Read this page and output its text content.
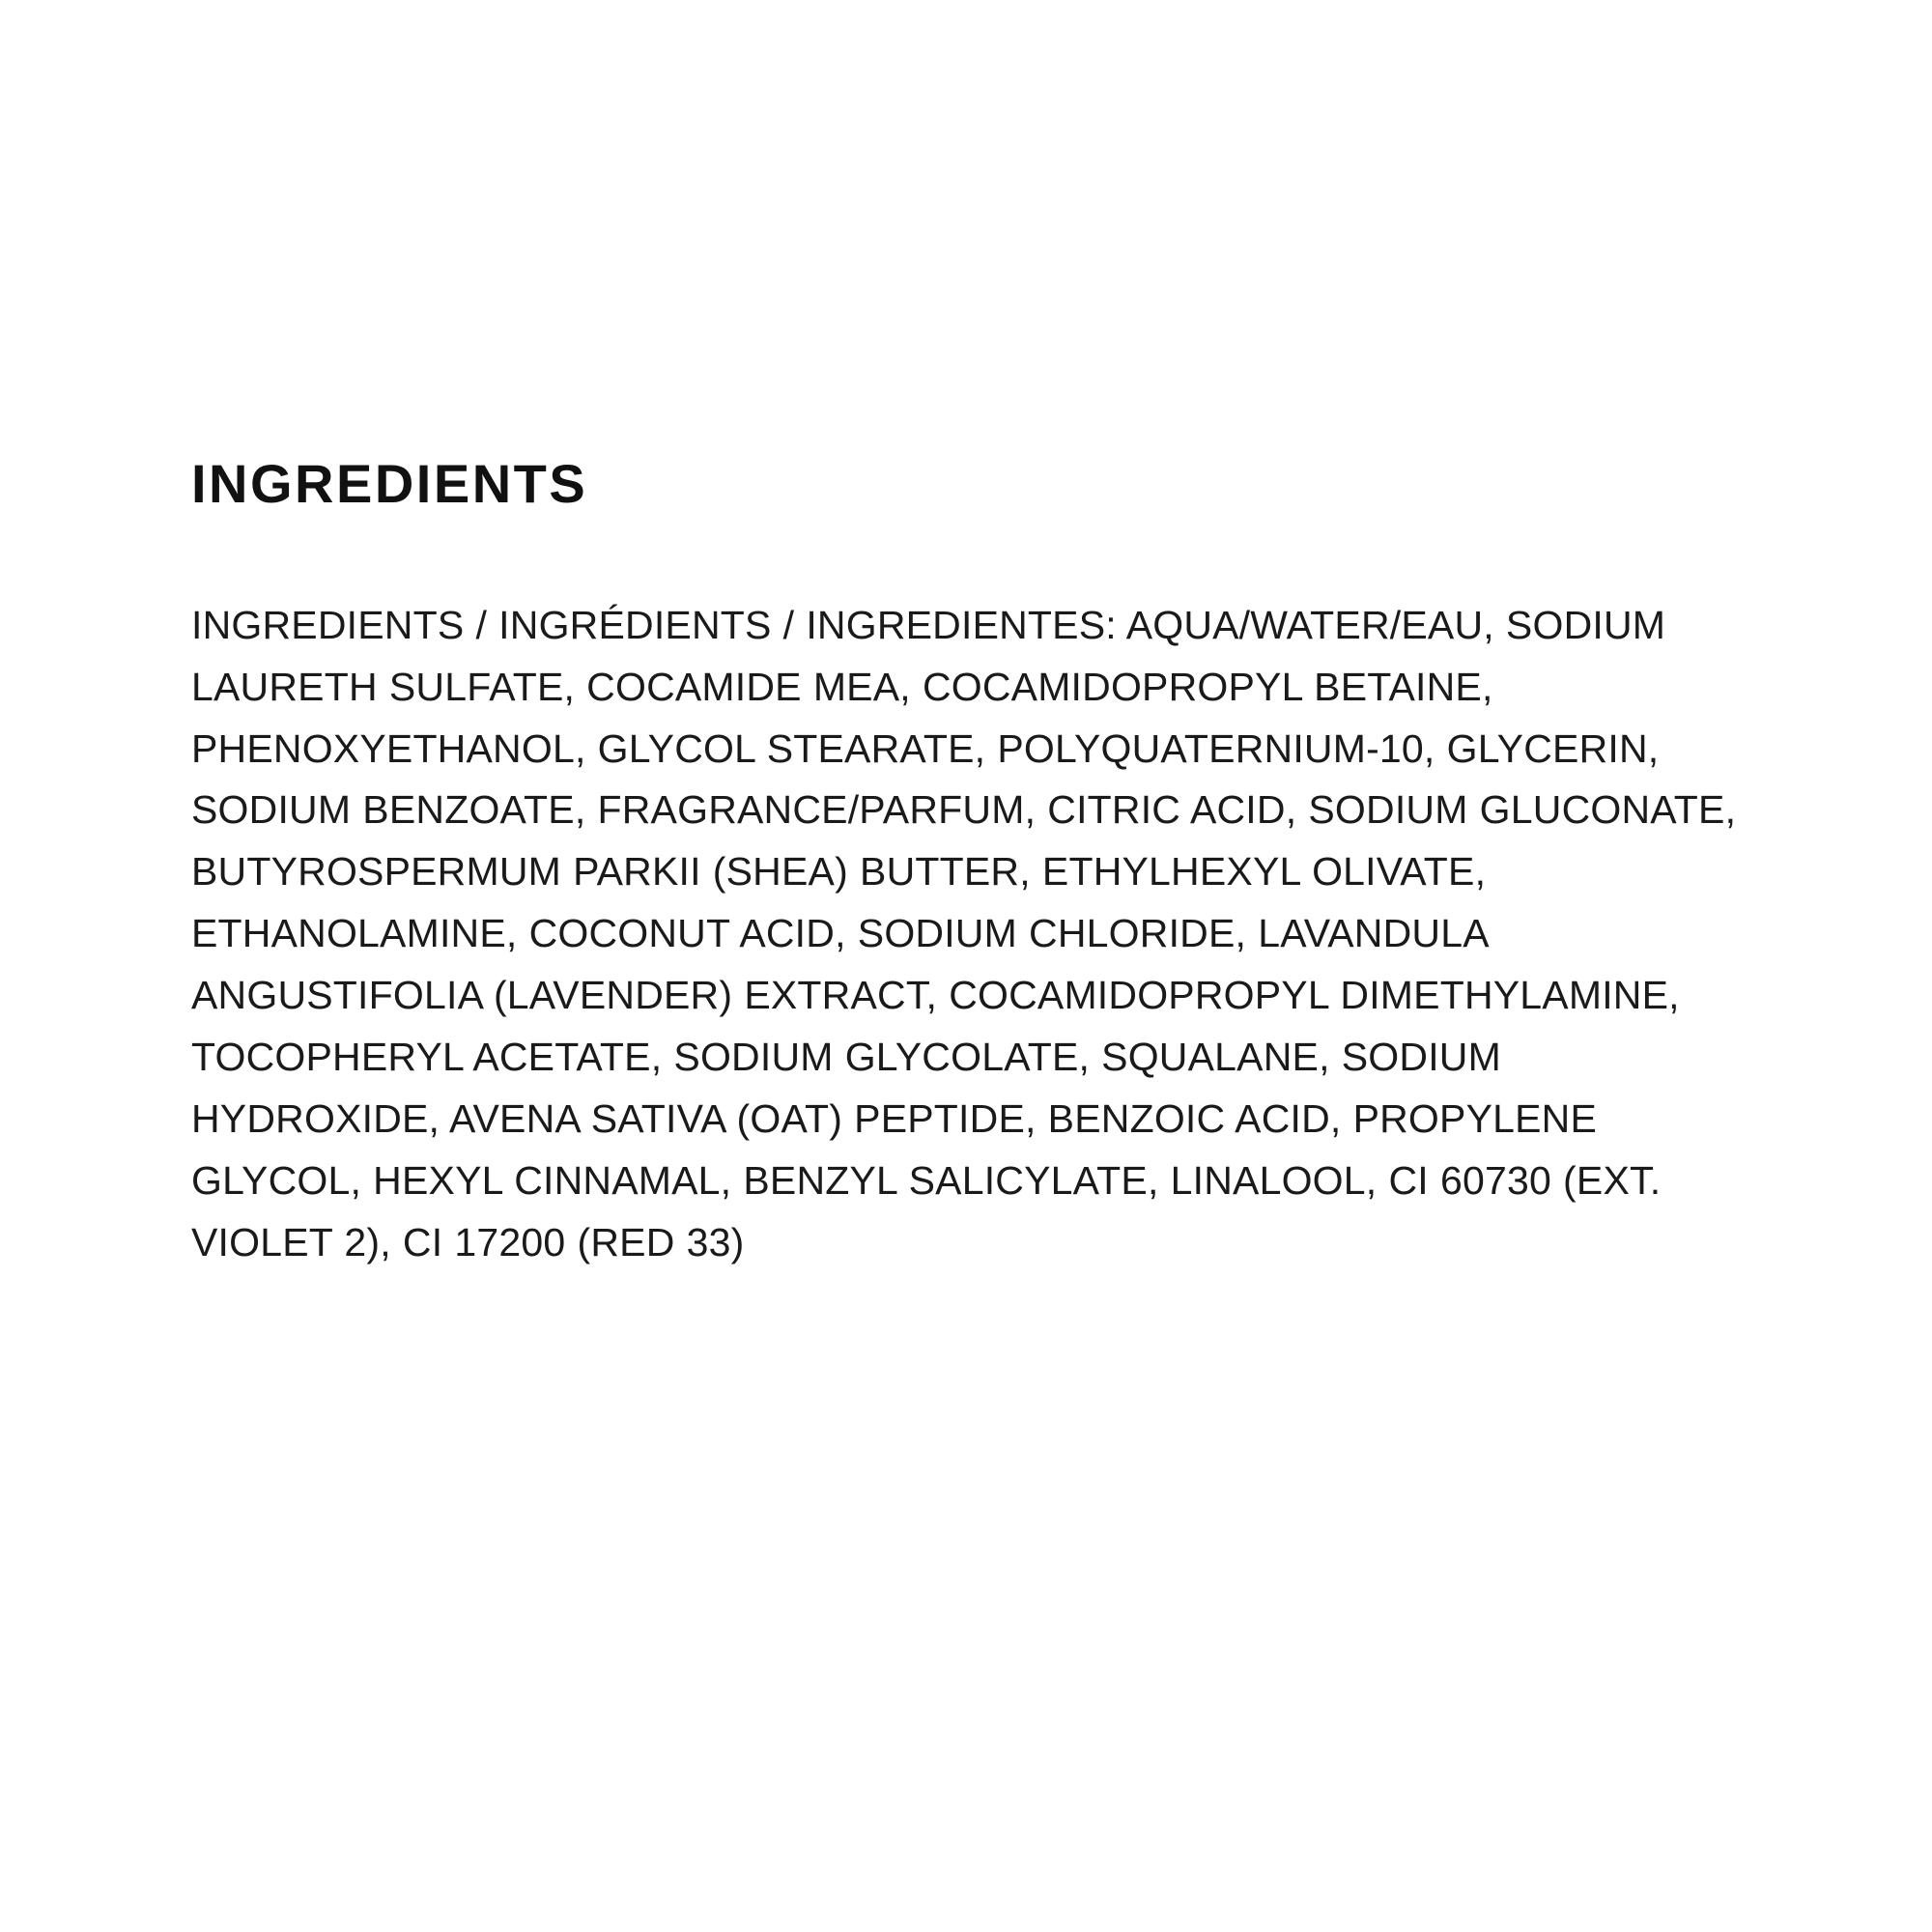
INGREDIENTS

INGREDIENTS / INGRÉDIENTS / INGREDIENTES: AQUA/WATER/EAU, SODIUM LAURETH SULFATE, COCAMIDE MEA, COCAMIDOPROPYL BETAINE, PHENOXYETHANOL, GLYCOL STEARATE, POLYQUATERNIUM-10, GLYCERIN, SODIUM BENZOATE, FRAGRANCE/PARFUM, CITRIC ACID, SODIUM GLUCONATE, BUTYROSPERMUM PARKII (SHEA) BUTTER, ETHYLHEXYL OLIVATE, ETHANOLAMINE, COCONUT ACID, SODIUM CHLORIDE, LAVANDULA ANGUSTIFOLIA (LAVENDER) EXTRACT, COCAMIDOPROPYL DIMETHYLAMINE, TOCOPHERYL ACETATE, SODIUM GLYCOLATE, SQUALANE, SODIUM HYDROXIDE, AVENA SATIVA (OAT) PEPTIDE, BENZOIC ACID, PROPYLENE GLYCOL, HEXYL CINNAMAL, BENZYL SALICYLATE, LINALOOL, CI 60730 (EXT. VIOLET 2), CI 17200 (RED 33)
